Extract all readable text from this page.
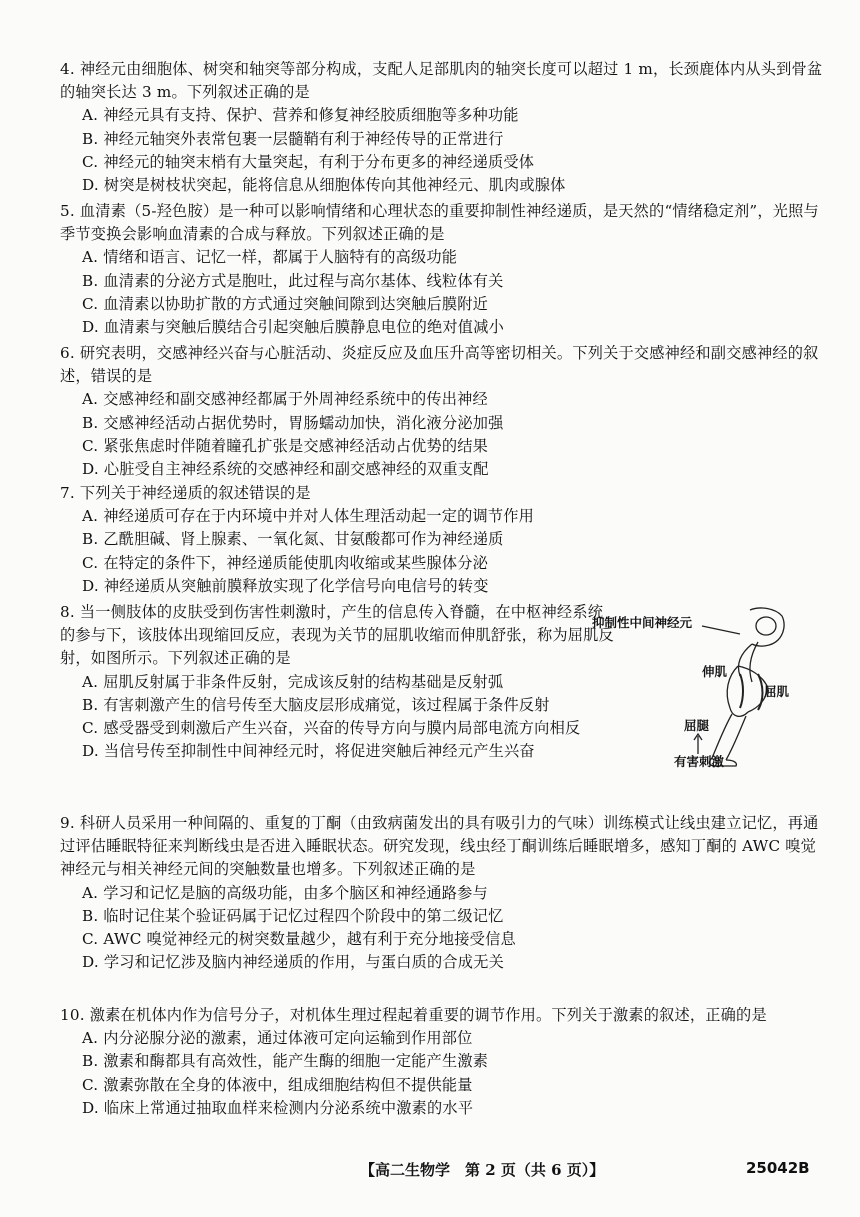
4. 神经元由细胞体、树突和轴突等部分构成，支配人足部肌肉的轴突长度可以超过 1 m，长颈鹿体内从头到骨盆的轴突长达 3 m。下列叙述正确的是
A. 神经元具有支持、保护、营养和修复神经胶质细胞等多种功能
B. 神经元轴突外表常包裹一层髓鞘有利于神经传导的正常进行
C. 神经元的轴突末梢有大量突起，有利于分布更多的神经递质受体
D. 树突是树枝状突起，能将信息从细胞体传向其他神经元、肌肉或腺体
5. 血清素（5-羟色胺）是一种可以影响情绪和心理状态的重要抑制性神经递质，是天然的“情绪稳定剂”，光照与季节变换会影响血清素的合成与释放。下列叙述正确的是
A. 情绪和语言、记忆一样，都属于人脑特有的高级功能
B. 血清素的分泌方式是胞吐，此过程与高尔基体、线粒体有关
C. 血清素以协助扩散的方式通过突触间隙到达突触后膜附近
D. 血清素与突触后膜结合引起突触后膜静息电位的绝对值减小
6. 研究表明，交感神经兴奋与心脏活动、炎症反应及血压升高等密切相关。下列关于交感神经和副交感神经的叙述，错误的是
A. 交感神经和副交感神经都属于外周神经系统中的传出神经
B. 交感神经活动占据优势时，胃肠蠕动加快，消化液分泌加强
C. 紧张焦虑时伴随着瞳孔扩张是交感神经活动占优势的结果
D. 心脏受自主神经系统的交感神经和副交感神经的双重支配
7. 下列关于神经递质的叙述错误的是
A. 神经递质可存在于内环境中并对人体生理活动起一定的调节作用
B. 乙酰胆碱、肾上腺素、一氧化氮、甘氨酸都可作为神经递质
C. 在特定的条件下，神经递质能使肌肉收缩或某些腺体分泌
D. 神经递质从突触前膜释放实现了化学信号向电信号的转变
8. 当一侧肢体的皮肤受到伤害性刺激时，产生的信息传入脊髓，在中枢神经系统的参与下，该肢体出现缩回反应，表现为关节的屈肌收缩而伸肌舒张，称为屈肌反射，如图所示。下列叙述正确的是
A. 屈肌反射属于非条件反射，完成该反射的结构基础是反射弧
B. 有害刺激产生的信号传至大脑皮层形成痛觉，该过程属于条件反射
C. 感受器受到刺激后产生兴奋，兴奋的传导方向与膜内局部电流方向相反
D. 当信号传至抑制性中间神经元时，将促进突触后神经元产生兴奋
抑制性中间神经元
伸肌
屈肌
屈腿
有害刺激
9. 科研人员采用一种间隔的、重复的丁酮（由致病菌发出的具有吸引力的气味）训练模式让线虫建立记忆，再通过评估睡眠特征来判断线虫是否进入睡眠状态。研究发现，线虫经丁酮训练后睡眠增多，感知丁酮的 AWC 嗅觉神经元与相关神经元间的突触数量也增多。下列叙述正确的是
A. 学习和记忆是脑的高级功能，由多个脑区和神经通路参与
B. 临时记住某个验证码属于记忆过程四个阶段中的第二级记忆
C. AWC 嗅觉神经元的树突数量越少，越有利于充分地接受信息
D. 学习和记忆涉及脑内神经递质的作用，与蛋白质的合成无关
10. 激素在机体内作为信号分子，对机体生理过程起着重要的调节作用。下列关于激素的叙述，正确的是
A. 内分泌腺分泌的激素，通过体液可定向运输到作用部位
B. 激素和酶都具有高效性，能产生酶的细胞一定能产生激素
C. 激素弥散在全身的体液中，组成细胞结构但不提供能量
D. 临床上常通过抽取血样来检测内分泌系统中激素的水平
【高二生物学　第 2 页（共 6 页）】	25042B
